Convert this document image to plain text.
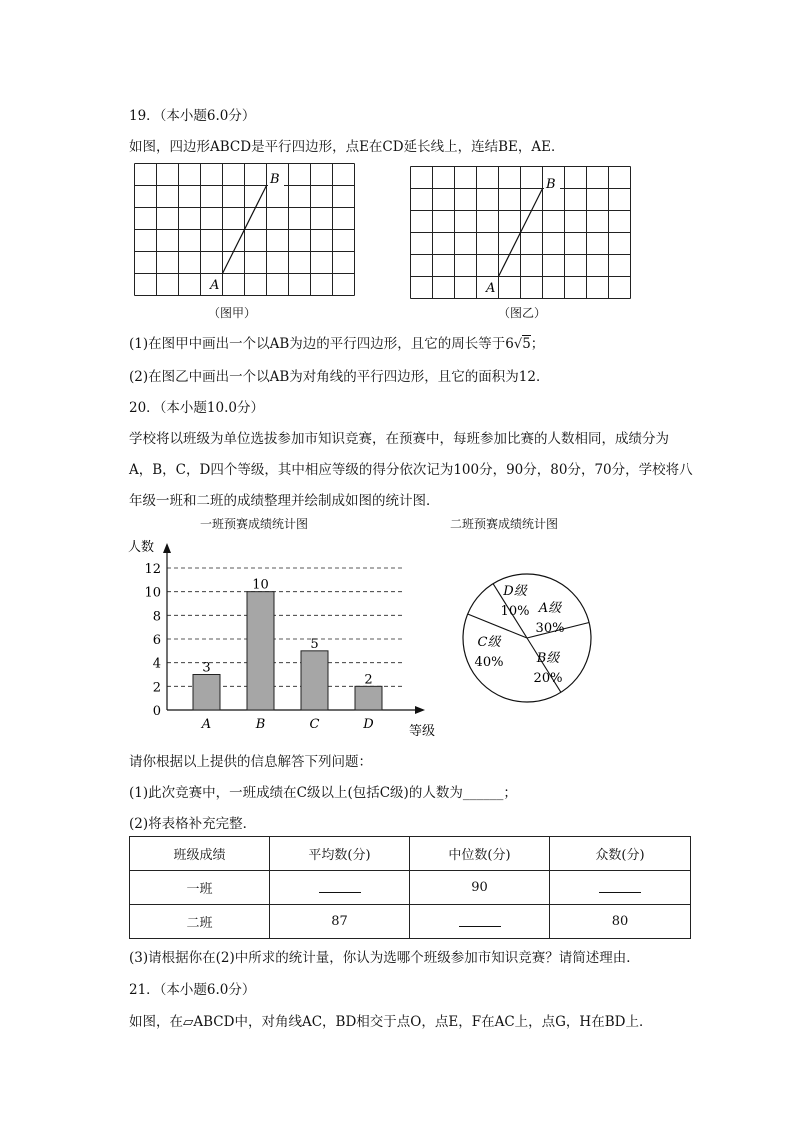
19．（本小题6.0分）
如图，四边形ABCD是平行四边形，点E在CD延长线上，连结BE，AE．
A
B
（图甲）
A
B
（图乙）
(1)在图甲中画出一个以AB为边的平行四边形，且它的周长等于6√5；
(2)在图乙中画出一个以AB为对角线的平行四边形，且它的面积为12．
20．（本小题10.0分）
学校将以班级为单位选拔参加市知识竞赛，在预赛中，每班参加比赛的人数相同，成绩分为
A，B，C，D四个等级，其中相应等级的得分依次记为100分，90分，80分，70分，学校将八
年级一班和二班的成绩整理并绘制成如图的统计图．
一班预赛成绩统计图	二班预赛成绩统计图
0
2
4
6
8
10
12
人数
等级
3
A
10
B
5
C
2
D
A级
30%
B级
20%
C级
40%
D级
10%
请你根据以上提供的信息解答下列问题：
(1)此次竞赛中，一班成绩在C级以上(包括C级)的人数为______；
(2)将表格补充完整．
班级成绩	平均数(分)	中位数(分)	众数(分)
一班		90	
二班	87		80
(3)请根据你在(2)中所求的统计量，你认为选哪个班级参加市知识竞赛？请简述理由．
21．（本小题6.0分）
如图，在▱ABCD中，对角线AC，BD相交于点O，点E，F在AC上，点G，H在BD上．
